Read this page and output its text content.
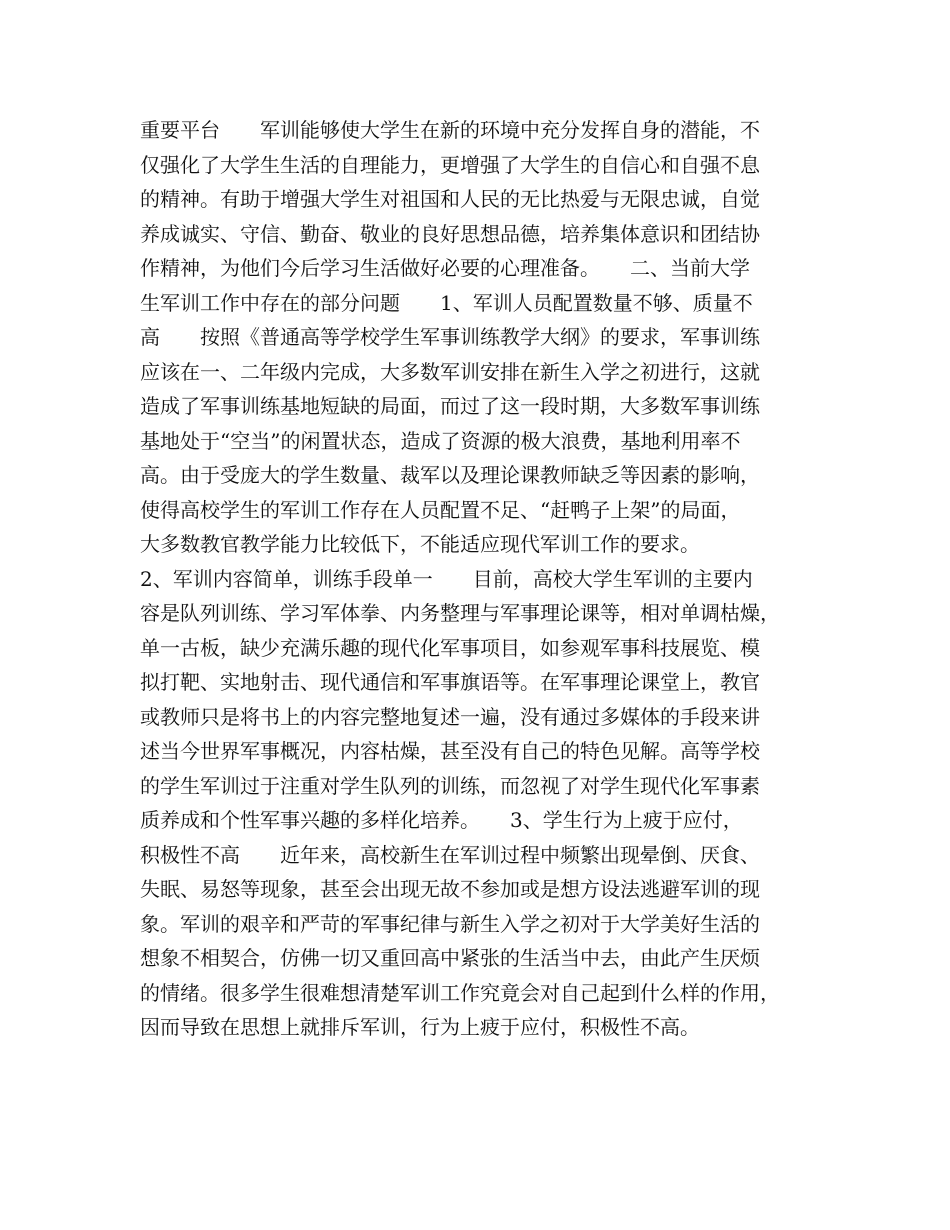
重要平台　　军训能够使大学生在新的环境中充分发挥自身的潜能，不
仅强化了大学生生活的自理能力，更增强了大学生的自信心和自强不息
的精神。有助于增强大学生对祖国和人民的无比热爱与无限忠诚，自觉
养成诚实、守信、勤奋、敬业的良好思想品德，培养集体意识和团结协
作精神，为他们今后学习生活做好必要的心理准备。　　二、当前大学
生军训工作中存在的部分问题　　1、军训人员配置数量不够、质量不
高　　按照《普通高等学校学生军事训练教学大纲》的要求，军事训练
应该在一、二年级内完成，大多数军训安排在新生入学之初进行，这就
造成了军事训练基地短缺的局面，而过了这一段时期，大多数军事训练
基地处于“空当”的闲置状态，造成了资源的极大浪费，基地利用率不
高。由于受庞大的学生数量、裁军以及理论课教师缺乏等因素的影响，
使得高校学生的军训工作存在人员配置不足、“赶鸭子上架”的局面，
大多数教官教学能力比较低下，不能适应现代军训工作的要求。
2、军训内容简单，训练手段单一　　目前，高校大学生军训的主要内
容是队列训练、学习军体拳、内务整理与军事理论课等，相对单调枯燥，
单一古板，缺少充满乐趣的现代化军事项目，如参观军事科技展览、模
拟打靶、实地射击、现代通信和军事旗语等。在军事理论课堂上，教官
或教师只是将书上的内容完整地复述一遍，没有通过多媒体的手段来讲
述当今世界军事概况，内容枯燥，甚至没有自己的特色见解。高等学校
的学生军训过于注重对学生队列的训练，而忽视了对学生现代化军事素
质养成和个性军事兴趣的多样化培养。　　3、学生行为上疲于应付，
积极性不高　　近年来，高校新生在军训过程中频繁出现晕倒、厌食、
失眠、易怒等现象，甚至会出现无故不参加或是想方设法逃避军训的现
象。军训的艰辛和严苛的军事纪律与新生入学之初对于大学美好生活的
想象不相契合，仿佛一切又重回高中紧张的生活当中去，由此产生厌烦
的情绪。很多学生很难想清楚军训工作究竟会对自己起到什么样的作用，
因而导致在思想上就排斥军训，行为上疲于应付，积极性不高。
